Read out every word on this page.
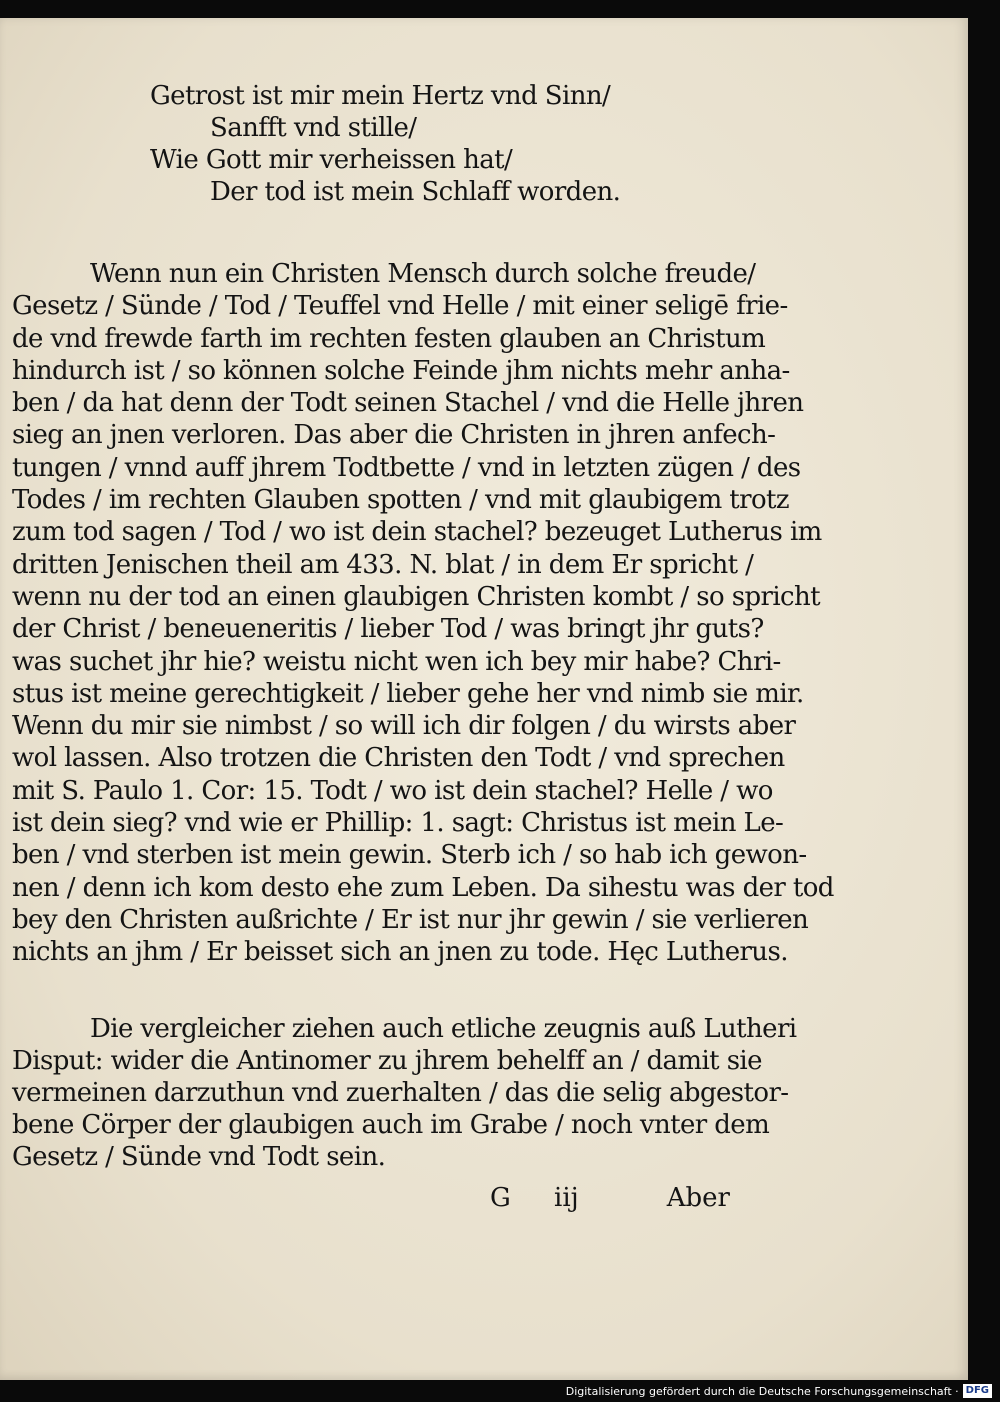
Getrost ist mir mein Hertz vnd Sinn/
Sanfft vnd stille/
Wie Gott mir verheissen hat/
Der tod ist mein Schlaff worden.
Wenn nun ein Christen Mensch durch solche freude/
Gesetz / Sünde / Tod / Teuffel vnd Helle / mit einer seligē frie-
de vnd frewde farth im rechten festen glauben an Christum
hindurch ist / so können solche Feinde jhm nichts mehr anha-
ben / da hat denn der Todt seinen Stachel / vnd die Helle jhren
sieg an jnen verloren. Das aber die Christen in jhren anfech-
tungen / vnnd auff jhrem Todtbette / vnd in letzten zügen / des
Todes / im rechten Glauben spotten / vnd mit glaubigem trotz
zum tod sagen / Tod / wo ist dein stachel? bezeuget Lutherus im
dritten Jenischen theil am 433. N. blat / in dem Er spricht /
wenn nu der tod an einen glaubigen Christen kombt / so spricht
der Christ / beneueneritis / lieber Tod / was bringt jhr guts?
was suchet jhr hie? weistu nicht wen ich bey mir habe? Chri-
stus ist meine gerechtigkeit / lieber gehe her vnd nimb sie mir.
Wenn du mir sie nimbst / so will ich dir folgen / du wirsts aber
wol lassen. Also trotzen die Christen den Todt / vnd sprechen
mit S. Paulo 1. Cor: 15. Todt / wo ist dein stachel? Helle / wo
ist dein sieg? vnd wie er Phillip: 1. sagt: Christus ist mein Le-
ben / vnd sterben ist mein gewin. Sterb ich / so hab ich gewon-
nen / denn ich kom desto ehe zum Leben. Da sihestu was der tod
bey den Christen außrichte / Er ist nur jhr gewin / sie verlieren
nichts an jhm / Er beisset sich an jnen zu tode. Hęc Lutherus.
Die vergleicher ziehen auch etliche zeugnis auß Lutheri
Disput: wider die Antinomer zu jhrem behelff an / damit sie
vermeinen darzuthun vnd zuerhalten / das die selig abgestor-
bene Cörper der glaubigen auch im Grabe / noch vnter dem
Gesetz / Sünde vnd Todt sein.
G iij	Aber
Digitalisierung gefördert durch die Deutsche Forschungsgemeinschaft · DFG
